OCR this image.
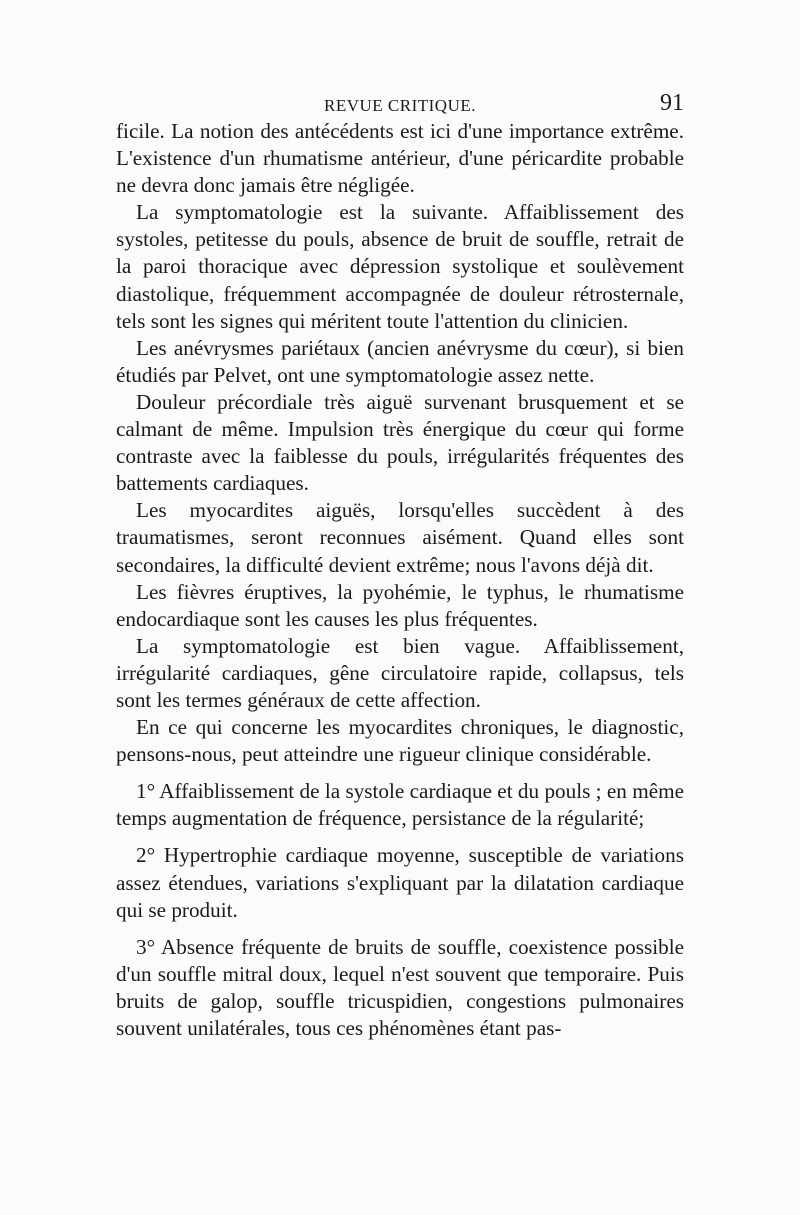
REVUE CRITIQUE.	91

ficile. La notion des antécédents est ici d'une importance extrême. L'existence d'un rhumatisme antérieur, d'une péricardite probable ne devra donc jamais être négligée.

La symptomatologie est la suivante. Affaiblissement des systoles, petitesse du pouls, absence de bruit de souffle, retrait de la paroi thoracique avec dépression systolique et soulèvement diastolique, fréquemment accompagnée de douleur rétrosternale, tels sont les signes qui méritent toute l'attention du clinicien.

Les anévrysmes pariétaux (ancien anévrysme du cœur), si bien étudiés par Pelvet, ont une symptomatologie assez nette.

Douleur précordiale très aiguë survenant brusquement et se calmant de même. Impulsion très énergique du cœur qui forme contraste avec la faiblesse du pouls, irrégularités fréquentes des battements cardiaques.

Les myocardites aiguës, lorsqu'elles succèdent à des traumatismes, seront reconnues aisément. Quand elles sont secondaires, la difficulté devient extrême; nous l'avons déjà dit.

Les fièvres éruptives, la pyohémie, le typhus, le rhumatisme endocardiaque sont les causes les plus fréquentes.

La symptomatologie est bien vague. Affaiblissement, irrégularité cardiaques, gêne circulatoire rapide, collapsus, tels sont les termes généraux de cette affection.

En ce qui concerne les myocardites chroniques, le diagnostic, pensons-nous, peut atteindre une rigueur clinique considérable.

1° Affaiblissement de la systole cardiaque et du pouls ; en même temps augmentation de fréquence, persistance de la régularité;

2° Hypertrophie cardiaque moyenne, susceptible de variations assez étendues, variations s'expliquant par la dilatation cardiaque qui se produit.

3° Absence fréquente de bruits de souffle, coexistence possible d'un souffle mitral doux, lequel n'est souvent que temporaire. Puis bruits de galop, souffle tricuspidien, congestions pulmonaires souvent unilatérales, tous ces phénomènes étant pas-
